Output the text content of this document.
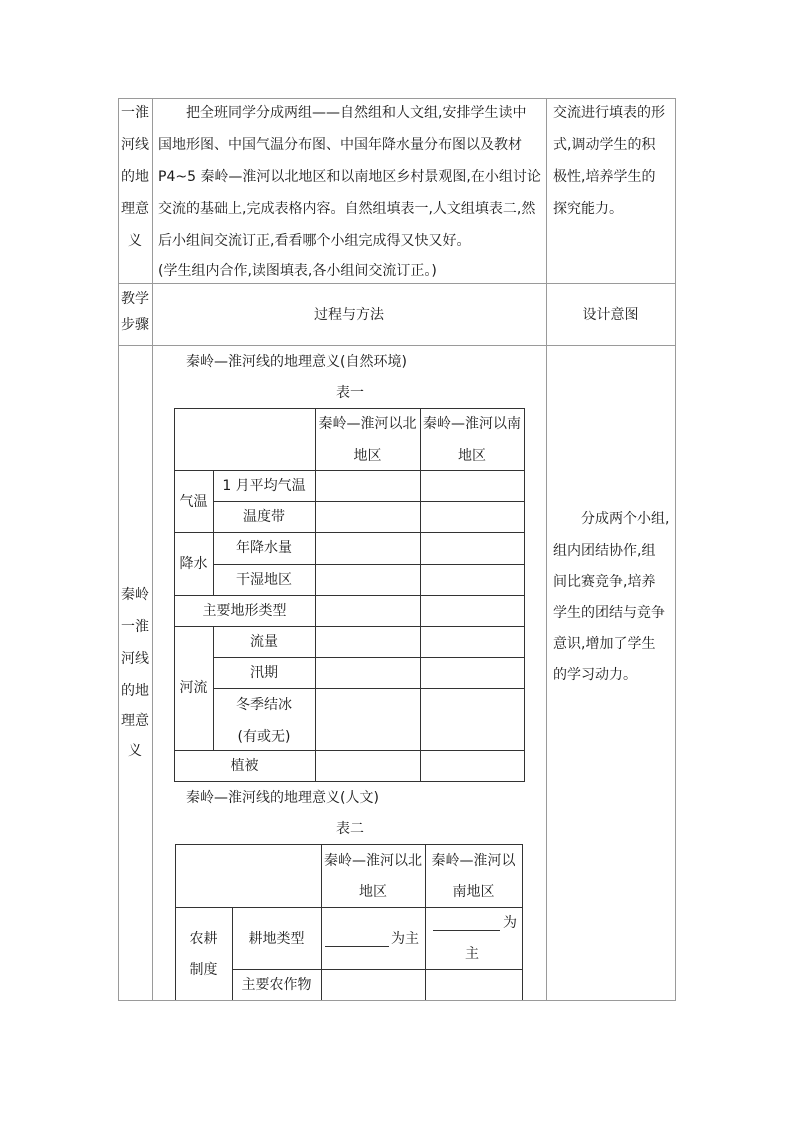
一淮
河线
的地
理意
义
把全班同学分成两组——自然组和人文组,安排学生读中
国地形图、中国气温分布图、中国年降水量分布图以及教材
P4~5 秦岭—淮河以北地区和以南地区乡村景观图,在小组讨论
交流的基础上,完成表格内容。自然组填表一,人文组填表二,然
后小组间交流订正,看看哪个小组完成得又快又好。
(学生组内合作,读图填表,各小组间交流订正。)
交流进行填表的形
式,调动学生的积
极性,培养学生的
探究能力。
教学
步骤
过程与方法	设计意图
秦岭
一淮
河线
的地
理意
义
分成两个小组,
组内团结协作,组
间比赛竞争,培养
学生的团结与竞争
意识,增加了学生
的学习动力。
秦岭—淮河线的地理意义(自然环境)
表一
秦岭—淮河以北
地区
秦岭—淮河以南
地区
气温
1 月平均气温
温度带
降水
年降水量
干湿地区
主要地形类型
河流
流量
汛期
冬季结冰
(有或无)
植被
秦岭—淮河线的地理意义(人文)
表二
秦岭—淮河以北
地区
秦岭—淮河以
南地区
农耕
制度
耕地类型
主要农作物
为主
为
主
